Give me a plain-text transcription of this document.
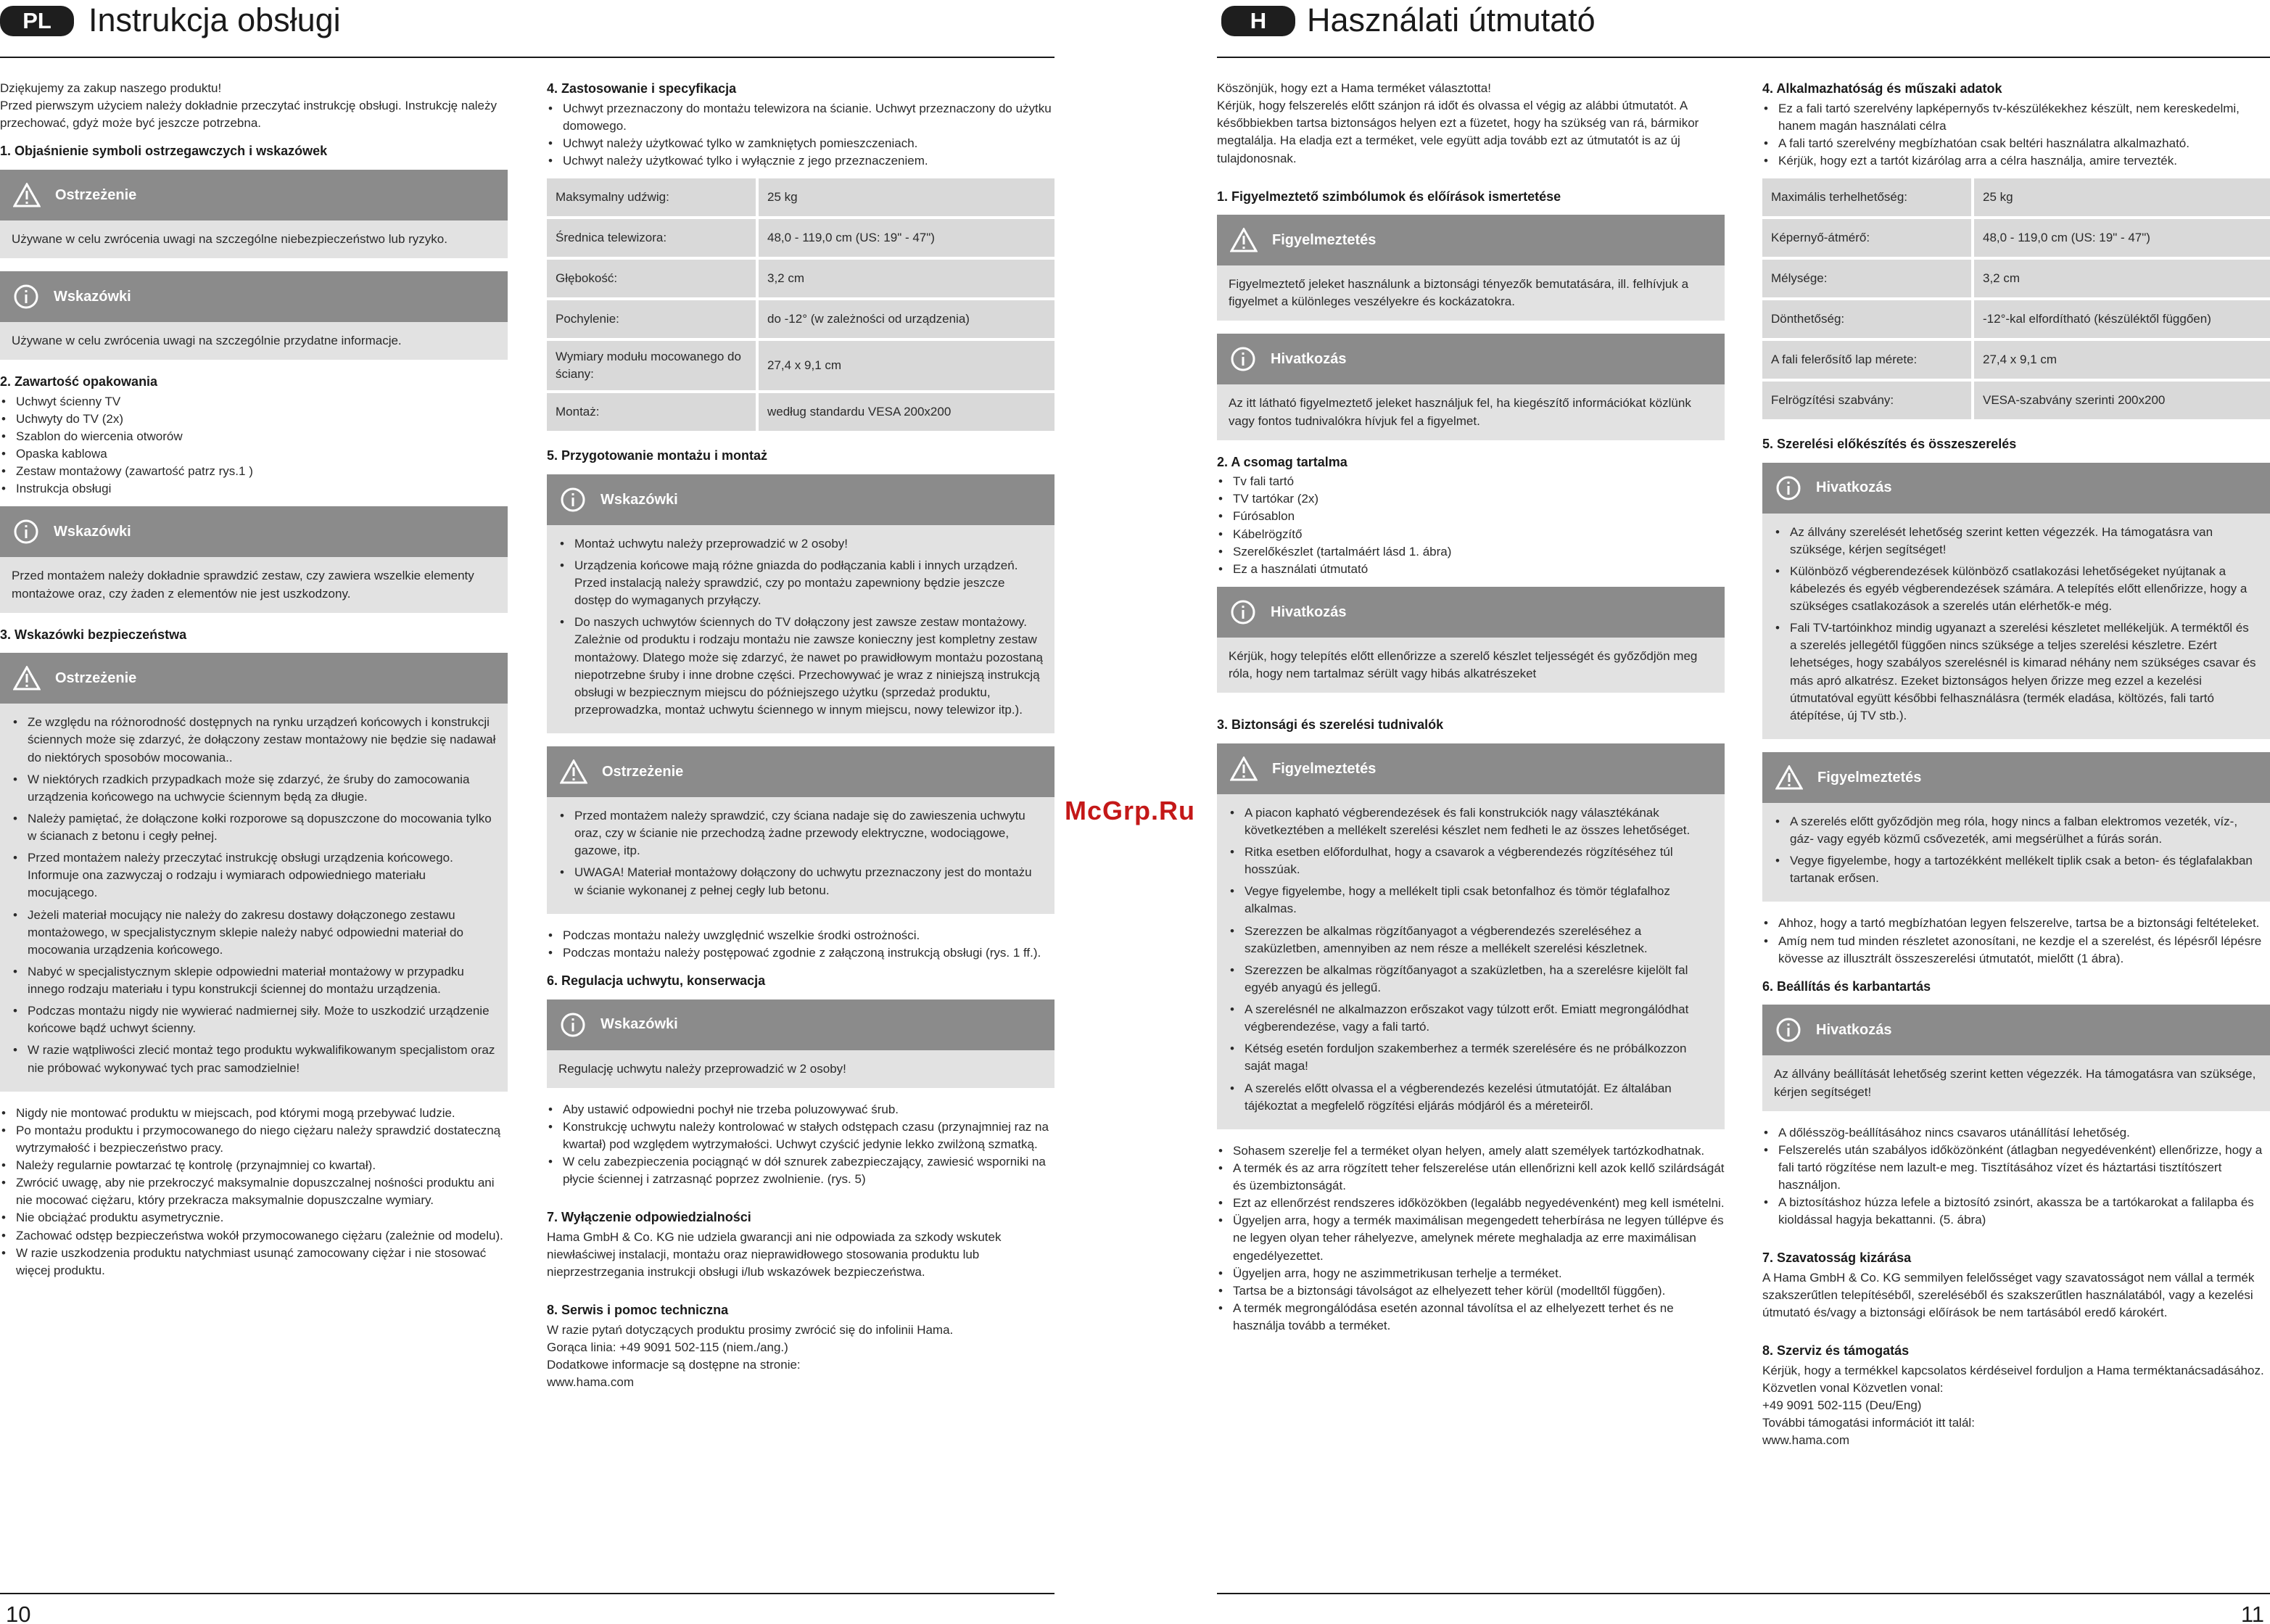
PL	Instrukcja obsługi

Dziękujemy za zakup naszego produktu!

Przed pierwszym użyciem należy dokładnie przeczytać instrukcję obsługi. Instrukcję należy przechować, gdyż może być jeszcze potrzebna.

1. Objaśnienie symboli ostrzegawczych i wskazówek
Ostrzeżenie
Używane w celu zwrócenia uwagi na szczególne niebezpieczeństwo lub ryzyko.
Wskazówki
Używane w celu zwrócenia uwagi na szczególnie przydatne informacje.
2. Zawartość opakowania
• Uchwyt ścienny TV
• Uchwyty do TV (2x)
• Szablon do wiercenia otworów
• Opaska kablowa
• Zestaw montażowy (zawartość patrz rys.1 )
• Instrukcja obsługi
Wskazówki
Przed montażem należy dokładnie sprawdzić zestaw, czy zawiera wszelkie elementy montażowe oraz, czy żaden z elementów nie jest uszkodzony.
3. Wskazówki bezpieczeństwa
Ostrzeżenie
• Ze względu na różnorodność dostępnych na rynku urządzeń końcowych i konstrukcji ściennych może się zdarzyć, że dołączony zestaw montażowy nie będzie się nadawał do niektórych sposobów mocowania..
• W niektórych rzadkich przypadkach może się zdarzyć, że śruby do zamocowania urządzenia końcowego na uchwycie ściennym będą za długie.
• Należy pamiętać, że dołączone kołki rozporowe są dopuszczone do mocowania tylko w ścianach z betonu i cegły pełnej.
• Przed montażem należy przeczytać instrukcję obsługi urządzenia końcowego. Informuje ona zazwyczaj o rodzaju i wymiarach odpowiedniego materiału mocującego.
• Jeżeli materiał mocujący nie należy do zakresu dostawy dołączonego zestawu montażowego, w specjalistycznym sklepie należy nabyć odpowiedni materiał do mocowania urządzenia końcowego.
• Nabyć w specjalistycznym sklepie odpowiedni materiał montażowy w przypadku innego rodzaju materiału i typu konstrukcji ściennej do montażu urządzenia.
• Podczas montażu nigdy nie wywierać nadmiernej siły. Może to uszkodzić urządzenie końcowe bądź uchwyt ścienny.
• W razie wątpliwości zlecić montaż tego produktu wykwalifikowanym specjalistom oraz nie próbować wykonywać tych prac samodzielnie!
• Nigdy nie montować produktu w miejscach, pod którymi mogą przebywać ludzie.
• Po montażu produktu i przymocowanego do niego ciężaru należy sprawdzić dostateczną wytrzymałość i bezpieczeństwo pracy.
• Należy regularnie powtarzać tę kontrolę (przynajmniej co kwartał).
• Zwrócić uwagę, aby nie przekroczyć maksymalnie dopuszczalnej nośności produktu ani nie mocować ciężaru, który przekracza maksymalnie dopuszczalne wymiary.
• Nie obciążać produktu asymetrycznie.
• Zachować odstęp bezpieczeństwa wokół przymocowanego ciężaru (zależnie od modelu).
• W razie uszkodzenia produktu natychmiast usunąć zamocowany ciężar i nie stosować więcej produktu.
4. Zastosowanie i specyfikacja
• Uchwyt przeznaczony do montażu telewizora na ścianie. Uchwyt przeznaczony do użytku domowego.
• Uchwyt należy użytkować tylko w zamkniętych pomieszczeniach.
• Uchwyt należy użytkować tylko i wyłącznie z jego przeznaczeniem.
Maksymalny udźwig:	25 kg
Średnica telewizora:	48,0 - 119,0 cm (US: 19" - 47")
Głębokość:	3,2 cm
Pochylenie:	do -12° (w zależności od urządzenia)
Wymiary modułu mocowanego do ściany:	27,4 x 9,1 cm
Montaż:	według standardu VESA 200x200
5. Przygotowanie montażu i montaż
Wskazówki
• Montaż uchwytu należy przeprowadzić w 2 osoby!
• Urządzenia końcowe mają różne gniazda do podłączania kabli i innych urządzeń. Przed instalacją należy sprawdzić, czy po montażu zapewniony będzie jeszcze dostęp do wymaganych przyłączy.
• Do naszych uchwytów ściennych do TV dołączony jest zawsze zestaw montażowy. Zależnie od produktu i rodzaju montażu nie zawsze konieczny jest kompletny zestaw montażowy. Dlatego może się zdarzyć, że nawet po prawidłowym montażu pozostaną niepotrzebne śruby i inne drobne części. Przechowywać je wraz z niniejszą instrukcją obsługi w bezpiecznym miejscu do późniejszego użytku (sprzedaż produktu, przeprowadzka, montaż uchwytu ściennego w innym miejscu, nowy telewizor itp.).
Ostrzeżenie
• Przed montażem należy sprawdzić, czy ściana nadaje się do zawieszenia uchwytu oraz, czy w ścianie nie przechodzą żadne przewody elektryczne, wodociągowe, gazowe, itp.
• UWAGA! Materiał montażowy dołączony do uchwytu przeznaczony jest do montażu w ścianie wykonanej z pełnej cegły lub betonu.
• Podczas montażu należy uwzględnić wszelkie środki ostrożności.
• Podczas montażu należy postępować zgodnie z załączoną instrukcją obsługi (rys. 1 ff.).
6. Regulacja uchwytu, konserwacja
Wskazówki
Regulację uchwytu należy przeprowadzić w 2 osoby!
• Aby ustawić odpowiedni pochył nie trzeba poluzowywać śrub.
• Konstrukcję uchwytu należy kontrolować w stałych odstępach czasu (przynajmniej raz na kwartał) pod względem wytrzymałości. Uchwyt czyścić jedynie lekko zwilżoną szmatką.
• W celu zabezpieczenia pociągnąć w dół sznurek zabezpieczający, zawiesić wsporniki na płycie ściennej i zatrzasnąć poprzez zwolnienie. (rys. 5)
7. Wyłączenie odpowiedzialności

Hama GmbH & Co. KG nie udziela gwarancji ani nie odpowiada za szkody wskutek niewłaściwej instalacji, montażu oraz nieprawidłowego stosowania produktu lub nieprzestrzegania instrukcji obsługi i/lub wskazówek bezpieczeństwa.

8. Serwis i pomoc techniczna

W razie pytań dotyczących produktu prosimy zwrócić się do infolinii Hama.

Gorąca linia: +49 9091 502-115 (niem./ang.)

Dodatkowe informacje są dostępne na stronie:

www.hama.com

10
McGrp.Ru
H	Használati útmutató

Köszönjük, hogy ezt a Hama terméket választotta!

Kérjük, hogy felszerelés előtt szánjon rá időt és olvassa el végig az alábbi útmutatót. A későbbiekben tartsa biztonságos helyen ezt a füzetet, hogy ha szükség van rá, bármikor megtalálja. Ha eladja ezt a terméket, vele együtt adja tovább ezt az útmutatót is az új tulajdonosnak.

1. Figyelmeztető szimbólumok és előírások ismertetése
Figyelmeztetés
Figyelmeztető jeleket használunk a biztonsági tényezők bemutatására, ill. felhívjuk a figyelmet a különleges veszélyekre és kockázatokra.
Hivatkozás
Az itt látható figyelmeztető jeleket használjuk fel, ha kiegészítő információkat közlünk vagy fontos tudnivalókra hívjuk fel a figyelmet.
2. A csomag tartalma
• Tv fali tartó
• TV tartókar (2x)
• Fúrósablon
• Kábelrögzítő
• Szerelőkészlet (tartalmáért lásd 1. ábra)
• Ez a használati útmutató
Hivatkozás
Kérjük, hogy telepítés előtt ellenőrizze a szerelő készlet teljességét és győződjön meg róla, hogy nem tartalmaz sérült vagy hibás alkatrészeket
3. Biztonsági és szerelési tudnivalók
Figyelmeztetés
• A piacon kapható végberendezések és fali konstrukciók nagy választékának következtében a mellékelt szerelési készlet nem fedheti le az összes lehetőséget.
• Ritka esetben előfordulhat, hogy a csavarok a végberendezés rögzítéséhez túl hosszúak.
• Vegye figyelembe, hogy a mellékelt tipli csak betonfalhoz és tömör téglafalhoz alkalmas.
• Szerezzen be alkalmas rögzítőanyagot a végberendezés szereléséhez a szaküzletben, amennyiben az nem része a mellékelt szerelési készletnek.
• Szerezzen be alkalmas rögzítőanyagot a szaküzletben, ha a szerelésre kijelölt fal egyéb anyagú és jellegű.
• A szerelésnél ne alkalmazzon erőszakot vagy túlzott erőt. Emiatt megrongálódhat végberendezése, vagy a fali tartó.
• Kétség esetén forduljon szakemberhez a termék szerelésére és ne próbálkozzon saját maga!
• A szerelés előtt olvassa el a végberendezés kezelési útmutatóját. Ez általában tájékoztat a megfelelő rögzítési eljárás módjáról és a méreteiről.
• Sohasem szerelje fel a terméket olyan helyen, amely alatt személyek tartózkodhatnak.
• A termék és az arra rögzített teher felszerelése után ellenőrizni kell azok kellő szilárdságát és üzembiztonságát.
• Ezt az ellenőrzést rendszeres időközökben (legalább negyedévenként) meg kell ismételni.
• Ügyeljen arra, hogy a termék maximálisan megengedett teherbírása ne legyen túllépve és ne legyen olyan teher ráhelyezve, amelynek mérete meghaladja az erre maximálisan engedélyezettet.
• Ügyeljen arra, hogy ne aszimmetrikusan terhelje a terméket.
• Tartsa be a biztonsági távolságot az elhelyezett teher körül (modelltől függően).
• A termék megrongálódása esetén azonnal távolítsa el az elhelyezett terhet és ne használja tovább a terméket.
4. Alkalmazhatóság és műszaki adatok
• Ez a fali tartó szerelvény lapképernyős tv-készülékekhez készült, nem kereskedelmi, hanem magán használati célra
• A fali tartó szerelvény megbízhatóan csak beltéri használatra alkalmazható.
• Kérjük, hogy ezt a tartót kizárólag arra a célra használja, amire tervezték.
Maximális terhelhetőség:	25 kg
Képernyő-átmérő:	48,0 - 119,0 cm (US: 19" - 47")
Mélysége:	3,2 cm
Dönthetőség:	-12°-kal elfordítható (készüléktől függően)
A fali felerősítő lap mérete:	27,4 x 9,1 cm
Felrögzítési szabvány:	VESA-szabvány szerinti 200x200
5. Szerelési előkészítés és összeszerelés
Hivatkozás
• Az állvány szerelését lehetőség szerint ketten végezzék. Ha támogatásra van szüksége, kérjen segítséget!
• Különböző végberendezések különböző csatlakozási lehetőségeket nyújtanak a kábelezés és egyéb végberendezések számára. A telepítés előtt ellenőrizze, hogy a szükséges csatlakozások a szerelés után elérhetők-e még.
• Fali TV-tartóinkhoz mindig ugyanazt a szerelési készletet mellékeljük. A terméktől és a szerelés jellegétől függően nincs szüksége a teljes szerelési készletre. Ezért lehetséges, hogy szabályos szerelésnél is kimarad néhány nem szükséges csavar és más apró alkatrész. Ezeket biztonságos helyen őrizze meg ezzel a kezelési útmutatóval együtt későbbi felhasználásra (termék eladása, költözés, fali tartó átépítése, új TV stb.).
Figyelmeztetés
• A szerelés előtt győződjön meg róla, hogy nincs a falban elektromos vezeték, víz-, gáz- vagy egyéb közmű csővezeték, ami megsérülhet a fúrás során.
• Vegye figyelembe, hogy a tartozékként mellékelt tiplik csak a beton- és téglafalakban tartanak erősen.
• Ahhoz, hogy a tartó megbízhatóan legyen felszerelve, tartsa be a biztonsági feltételeket.
• Amíg nem tud minden részletet azonosítani, ne kezdje el a szerelést, és lépésről lépésre kövesse az illusztrált összeszerelési útmutatót, mielőtt (1 ábra).
6. Beállítás és karbantartás
Hivatkozás
Az állvány beállítását lehetőség szerint ketten végezzék. Ha támogatásra van szüksége, kérjen segítséget!
• A dőlésszög-beállításához nincs csavaros utánállításí lehetőség.
• Felszerelés után szabályos időközönként (átlagban negyedévenként) ellenőrizze, hogy a fali tartó rögzítése nem lazult-e meg. Tisztításához vízet és háztartási tisztítószert használjon.
• A biztosításhoz húzza lefele a biztosító zsinórt, akassza be a tartókarokat a falilapba és kioldással hagyja bekattanni. (5. ábra)
7. Szavatosság kizárása

A Hama GmbH & Co. KG semmilyen felelősséget vagy szavatosságot nem vállal a termék szakszerűtlen telepítéséből, szereléséből és szakszerűtlen használatából, vagy a kezelési útmutató és/vagy a biztonsági előírások be nem tartásából eredő károkért.

8. Szerviz és támogatás

Kérjük, hogy a termékkel kapcsolatos kérdéseivel forduljon a Hama terméktanácsadásához.

Közvetlen vonal Közvetlen vonal:

+49 9091 502-115 (Deu/Eng)

További támogatási információt itt talál:

www.hama.com

11
